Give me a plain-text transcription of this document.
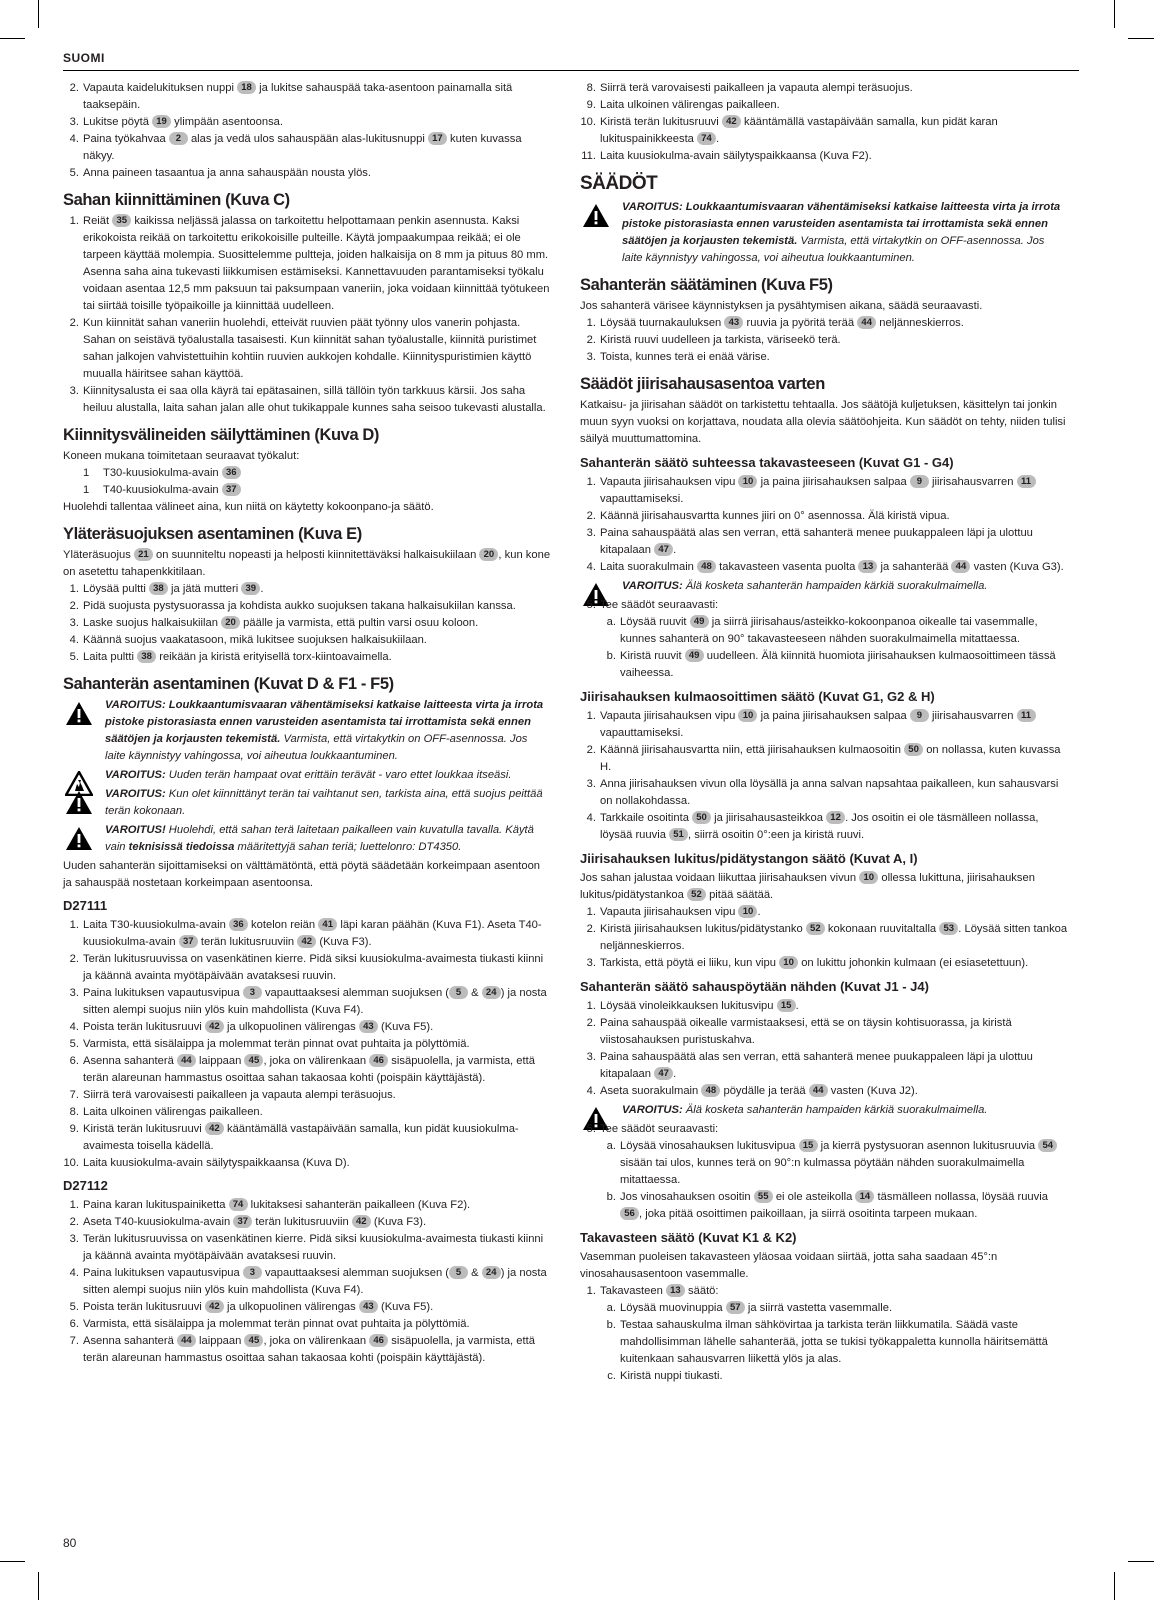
SUOMI
2. Vapauta kaidelukituksen nuppi 18 ja lukitse sahauspää taka-asentoon painamalla sitä taaksepäin.
3. Lukitse pöytä 19 ylimpään asentoonsa.
4. Paina työkahvaa 2 alas ja vedä ulos sahauspään alas-lukitusnuppi 17 kuten kuvassa näkyy.
5. Anna paineen tasaantua ja anna sahauspään nousta ylös.
Sahan kiinnittäminen (Kuva C)
1. Reiät 35 kaikissa neljässä jalassa on tarkoitettu helpottamaan penkin asennusta. Kaksi erikokoista reikää on tarkoitettu erikokoisille pulteille. Käytä jompaakumpaa reikää; ei ole tarpeen käyttää molempia. Suosittelemme pultteja, joiden halkaisija on 8 mm ja pituus 80 mm. Asenna saha aina tukevasti liikkumisen estämiseksi. Kannettavuuden parantamiseksi työkalu voidaan asentaa 12,5 mm paksuun tai paksumpaan vaneriin, joka voidaan kiinnittää työtukeen tai siirtää toisille työpaikoille ja kiinnittää uudelleen.
2. Kun kiinnität sahan vaneriin huolehdi, etteivät ruuvien päät työnny ulos vanerin pohjasta. Sahan on seistävä työalustalla tasaisesti. Kun kiinnität sahan työalustalle, kiinnitä puristimet sahan jalkojen vahvistettuihin kohtiin ruuvien aukkojen kohdalle. Kiinnityspuristimien käyttö muualla häiritsee sahan käyttöä.
3. Kiinnitysalusta ei saa olla käyrä tai epätasainen, sillä tällöin työn tarkkuus kärsii. Jos saha heiluu alustalla, laita sahan jalan alle ohut tukikappale kunnes saha seisoo tukevasti alustalla.
Kiinnitysvälineiden säilyttäminen (Kuva D)

Koneen mukana toimitetaan seuraavat työkalut:

1 T30-kuusiokulma-avain 36
1 T40-kuusiokulma-avain 37

Huolehdi tallentaa välineet aina, kun niitä on käytetty kokoonpano-ja säätö.

Yläteräsuojuksen asentaminen (Kuva E)

Yläteräsuojus 21 on suunniteltu nopeasti ja helposti kiinnitettäväksi halkaisukiilaan 20 , kun kone on asetettu tahapenkkitilaan.

1. Löysää pultti 38 ja jätä mutteri 39 .
2. Pidä suojusta pystysuorassa ja kohdista aukko suojuksen takana halkaisukiilan kanssa.
3. Laske suojus halkaisukiilan 20 päälle ja varmista, että pultin varsi osuu koloon.
4. Käännä suojus vaakatasoon, mikä lukitsee suojuksen halkaisukiilaan.
5. Laita pultti 38 reikään ja kiristä erityisellä torx-kiintoavaimella.
Sahanterän asentaminen (Kuvat D & F1 - F5)
VAROITUS: Loukkaantumisvaaran vähentämiseksi katkaise laitteesta virta ja irrota pistoke pistorasiasta ennen varusteiden asentamista tai irrottamista sekä ennen säätöjen ja korjausten tekemistä. Varmista, että virtakytkin on OFF-asennossa. Jos laite käynnistyy vahingossa, voi aiheutua loukkaantuminen.
VAROITUS: Uuden terän hampaat ovat erittäin terävät - varo ettet loukkaa itseäsi.
VAROITUS: Kun olet kiinnittänyt terän tai vaihtanut sen, tarkista aina, että suojus peittää terän kokonaan.
VAROITUS! Huolehdi, että sahan terä laitetaan paikalleen vain kuvatulla tavalla. Käytä vain teknisissä tiedoissa määritettyjä sahan teriä; luettelonro: DT4350.

Uuden sahanterän sijoittamiseksi on välttämätöntä, että pöytä säädetään korkeimpaan asentoon ja sahauspää nostetaan korkeimpaan asentoonsa.

D27111
1. Laita T30-kuusiokulma-avain 36 kotelon reiän 41 läpi karan päähän (Kuva F1). Aseta T40-kuusiokulma-avain 37 terän lukitusruuviin 42 (Kuva F3).
2. Terän lukitusruuvissa on vasenkätinen kierre. Pidä siksi kuusiokulma-avaimesta tiukasti kiinni ja käännä avainta myötäpäivään avataksesi ruuvin.
3. Paina lukituksen vapautusvipua 3 vapauttaaksesi alemman suojuksen ( 5 & 24 ) ja nosta sitten alempi suojus niin ylös kuin mahdollista (Kuva F4).
4. Poista terän lukitusruuvi 42 ja ulkopuolinen välirengas 43 (Kuva F5).
5. Varmista, että sisälaippa ja molemmat terän pinnat ovat puhtaita ja pölyttömiä.
6. Asenna sahanterä 44 laippaan 45 , joka on välirenkaan 46 sisäpuolella, ja varmista, että terän alareunan hammastus osoittaa sahan takaosaa kohti (poispäin käyttäjästä).
7. Siirrä terä varovaisesti paikalleen ja vapauta alempi teräsuojus.
8. Laita ulkoinen välirengas paikalleen.
9. Kiristä terän lukitusruuvi 42 kääntämällä vastapäivään samalla, kun pidät kuusiokulma-avaimesta toisella kädellä.
10. Laita kuusiokulma-avain säilytyspaikkaansa (Kuva D).
D27112
1. Paina karan lukituspainiketta 74 lukitaksesi sahanterän paikalleen (Kuva F2).
2. Aseta T40-kuusiokulma-avain 37 terän lukitusruuviin 42 (Kuva F3).
3. Terän lukitusruuvissa on vasenkätinen kierre. Pidä siksi kuusiokulma-avaimesta tiukasti kiinni ja käännä avainta myötäpäivään avataksesi ruuvin.
4. Paina lukituksen vapautusvipua 3 vapauttaaksesi alemman suojuksen ( 5 & 24 ) ja nosta sitten alempi suojus niin ylös kuin mahdollista (Kuva F4).
5. Poista terän lukitusruuvi 42 ja ulkopuolinen välirengas 43 (Kuva F5).
6. Varmista, että sisälaippa ja molemmat terän pinnat ovat puhtaita ja pölyttömiä.
7. Asenna sahanterä 44 laippaan 45 , joka on välirenkaan 46 sisäpuolella, ja varmista, että terän alareunan hammastus osoittaa sahan takaosaa kohti (poispäin käyttäjästä).
8. Siirrä terä varovaisesti paikalleen ja vapauta alempi teräsuojus.
9. Laita ulkoinen välirengas paikalleen.
10. Kiristä terän lukitusruuvi 42 kääntämällä vastapäivään samalla, kun pidät karan lukituspainikkeesta 74 .
11. Laita kuusiokulma-avain säilytyspaikkaansa (Kuva F2).
SÄÄDÖT
VAROITUS: Loukkaantumisvaaran vähentämiseksi katkaise laitteesta virta ja irrota pistoke pistorasiasta ennen varusteiden asentamista tai irrottamista sekä ennen säätöjen ja korjausten tekemistä. Varmista, että virtakytkin on OFF-asennossa. Jos laite käynnistyy vahingossa, voi aiheutua loukkaantuminen.
Sahanterän säätäminen (Kuva F5)

Jos sahanterä värisee käynnistyksen ja pysähtymisen aikana, säädä seuraavasti.

1. Löysää tuurnakauluksen 43 ruuvia ja pyöritä terää 44 neljänneskierros.
2. Kiristä ruuvi uudelleen ja tarkista, väriseekö terä.
3. Toista, kunnes terä ei enää värise.
Säädöt jiirisahausasentoa varten

Katkaisu- ja jiirisahan säädöt on tarkistettu tehtaalla. Jos säätöjä kuljetuksen, käsittelyn tai jonkin muun syyn vuoksi on korjattava, noudata alla olevia säätöohjeita. Kun säädöt on tehty, niiden tulisi säilyä muuttumattomina.

Sahanterän säätö suhteessa takavasteeseen (Kuvat G1 - G4)
1. Vapauta jiirisahauksen vipu 10 ja paina jiirisahauksen salpaa 9 jiirisahausvarren 11 vapauttamiseksi.
2. Käännä jiirisahausvartta kunnes jiiri on 0° asennossa. Älä kiristä vipua.
3. Paina sahauspäätä alas sen verran, että sahanterä menee puukappaleen läpi ja ulottuu kitapalaan 47 .
4. Laita suorakulmain 48 takavasteen vasenta puolta 13 ja sahanterää 44 vasten (Kuva G3).
VAROITUS: Älä kosketa sahanterän hampaiden kärkiä suorakulmaimella.
5. Tee säädöt seuraavasti:
a. Löysää ruuvit 49 ja siirrä jiirisahaus/asteikko-kokoonpanoa oikealle tai vasemmalle, kunnes sahanterä on 90° takavasteeseen nähden suorakulmaimella mitattaessa.
b. Kiristä ruuvit 49 uudelleen. Älä kiinnitä huomiota jiirisahauksen kulmaosoittimeen tässä vaiheessa.
Jiirisahauksen kulmaosoittimen säätö (Kuvat G1, G2 & H)
1. Vapauta jiirisahauksen vipu 10 ja paina jiirisahauksen salpaa 9 jiirisahausvarren 11 vapauttamiseksi.
2. Käännä jiirisahausvartta niin, että jiirisahauksen kulmaosoitin 50 on nollassa, kuten kuvassa H.
3. Anna jiirisahauksen vivun olla löysällä ja anna salvan napsahtaa paikalleen, kun sahausvarsi on nollakohdassa.
4. Tarkkaile osoitinta 50 ja jiirisahausasteikkoa 12 . Jos osoitin ei ole täsmälleen nollassa, löysää ruuvia 51 , siirrä osoitin 0°:een ja kiristä ruuvi.
Jiirisahauksen lukitus/pidätystangon säätö (Kuvat A, I)

Jos sahan jalustaa voidaan liikuttaa jiirisahauksen vivun 10 ollessa lukittuna, jiirisahauksen lukitus/pidätystankoa 52 pitää säätää.

1. Vapauta jiirisahauksen vipu 10 .
2. Kiristä jiirisahauksen lukitus/pidätystanko 52 kokonaan ruuvitaltalla 53 . Löysää sitten tankoa neljänneskierros.
3. Tarkista, että pöytä ei liiku, kun vipu 10 on lukittu johonkin kulmaan (ei esiasetettuun).
Sahanterän säätö sahauspöytään nähden (Kuvat J1 - J4)
1. Löysää vinoleikkauksen lukitusvipu 15 .
2. Paina sahauspää oikealle varmistaaksesi, että se on täysin kohtisuorassa, ja kiristä viistosahauksen puristuskahva.
3. Paina sahauspäätä alas sen verran, että sahanterä menee puukappaleen läpi ja ulottuu kitapalaan 47 .
4. Aseta suorakulmain 48 pöydälle ja terää 44 vasten (Kuva J2).
VAROITUS: Älä kosketa sahanterän hampaiden kärkiä suorakulmaimella.
5. Tee säädöt seuraavasti:
a. Löysää vinosahauksen lukitusvipua 15 ja kierrä pystysuoran asennon lukitusruuvia 54 sisään tai ulos, kunnes terä on 90°:n kulmassa pöytään nähden suorakulmaimella mitattaessa.
b. Jos vinosahauksen osoitin 55 ei ole asteikolla 14 täsmälleen nollassa, löysää ruuvia 56 , joka pitää osoittimen paikoillaan, ja siirrä osoitinta tarpeen mukaan.
Takavasteen säätö (Kuvat K1 & K2)

Vasemman puoleisen takavasteen yläosaa voidaan siirtää, jotta saha saadaan 45°:n vinosahausasentoon vasemmalle.

1. Takavasteen 13 säätö:
a. Löysää muovinuppia 57 ja siirrä vastetta vasemmalle.
b. Testaa sahauskulma ilman sähkövirtaa ja tarkista terän liikkumatila. Säädä vaste mahdollisimman lähelle sahanterää, jotta se tukisi työkappaletta kunnolla häiritsemättä kuitenkaan sahausvarren liikettä ylös ja alas.
c. Kiristä nuppi tiukasti.
80
